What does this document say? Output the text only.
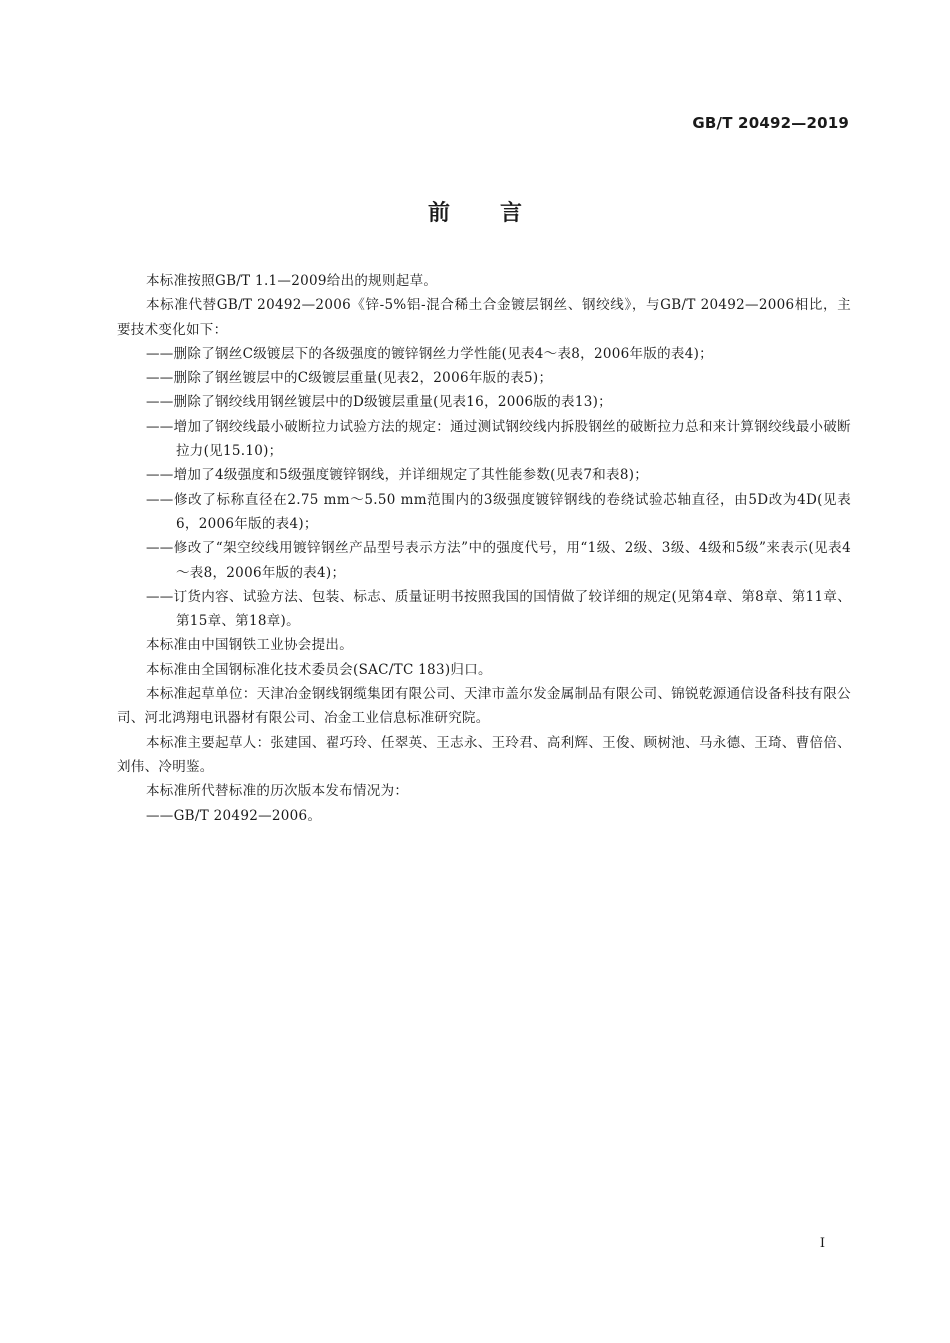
GB/T 20492—2019
前言

本标准按照GB/T 1.1—2009给出的规则起草。

本标准代替GB/T 20492—2006《锌-5%铝-混合稀土合金镀层钢丝、钢绞线》，与GB/T 20492—2006相比，主要技术变化如下：

——删除了钢丝C级镀层下的各级强度的镀锌钢丝力学性能(见表4～表8，2006年版的表4)；

——删除了钢丝镀层中的C级镀层重量(见表2，2006年版的表5)；

——删除了钢绞线用钢丝镀层中的D级镀层重量(见表16，2006版的表13)；

——增加了钢绞线最小破断拉力试验方法的规定：通过测试钢绞线内拆股钢丝的破断拉力总和来计算钢绞线最小破断拉力(见15.10)；

——增加了4级强度和5级强度镀锌钢线，并详细规定了其性能参数(见表7和表8)；

——修改了标称直径在2.75 mm～5.50 mm范围内的3级强度镀锌钢线的卷绕试验芯轴直径，由5D改为4D(见表6，2006年版的表4)；

——修改了“架空绞线用镀锌钢丝产品型号表示方法”中的强度代号，用“1级、2级、3级、4级和5级”来表示(见表4～表8，2006年版的表4)；

——订货内容、试验方法、包装、标志、质量证明书按照我国的国情做了较详细的规定(见第4章、第8章、第11章、第15章、第18章)。

本标准由中国钢铁工业协会提出。

本标准由全国钢标准化技术委员会(SAC/TC 183)归口。

本标准起草单位：天津冶金钢线钢缆集团有限公司、天津市盖尔发金属制品有限公司、锦锐乾源通信设备科技有限公司、河北鸿翔电讯器材有限公司、冶金工业信息标准研究院。

本标准主要起草人：张建国、翟巧玲、任翠英、王志永、王玲君、高利辉、王俊、顾树池、马永德、王琦、曹倍倍、刘伟、冷明鉴。

本标准所代替标准的历次版本发布情况为：

——GB/T 20492—2006。

I
